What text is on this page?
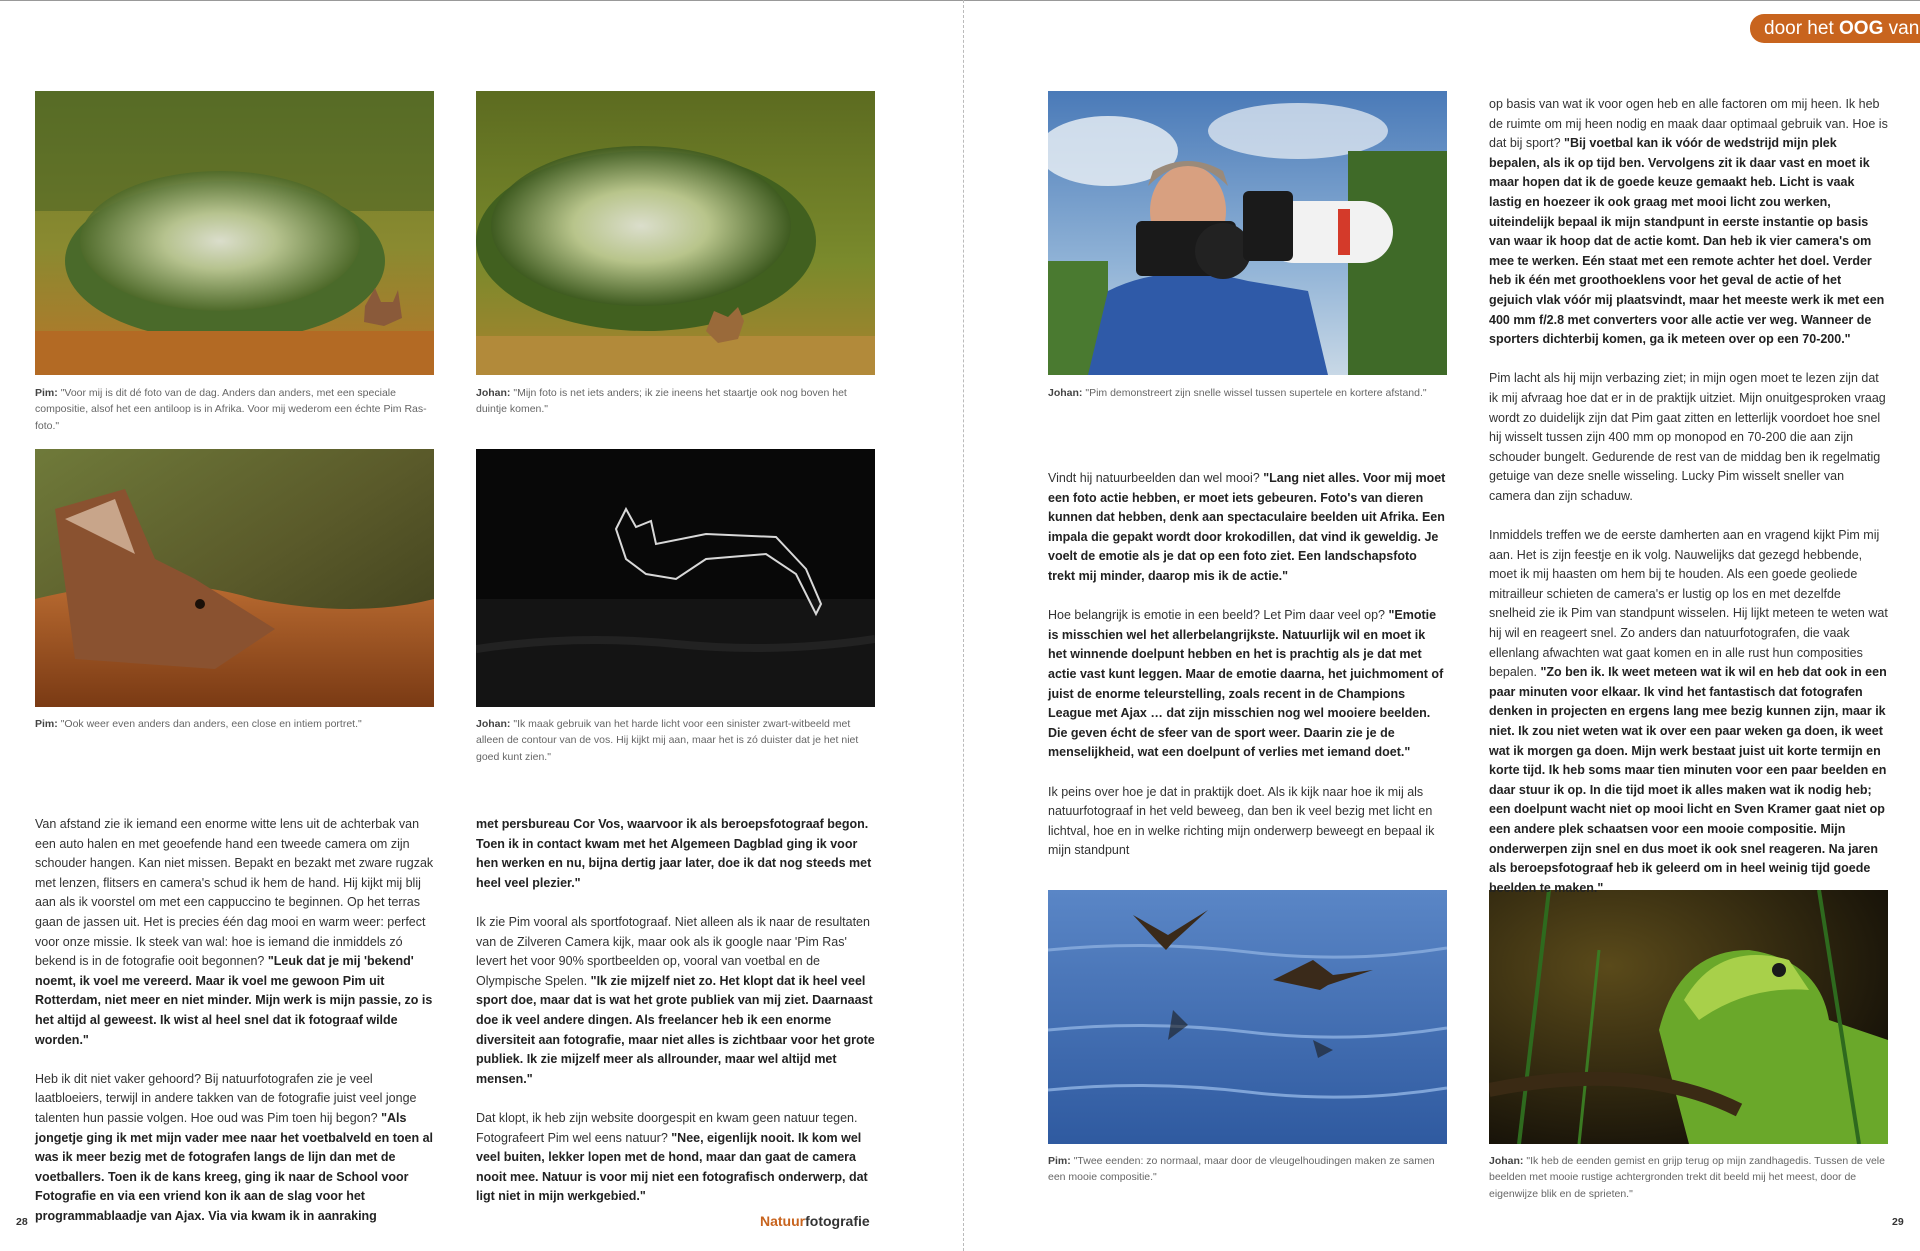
door het OOG van
Pim: "Voor mij is dit dé foto van de dag. Anders dan anders, met een speciale compositie, alsof het een antiloop is in Afrika. Voor mij wederom een échte Pim Ras-foto."
Johan: "Mijn foto is net iets anders; ik zie ineens het staartje ook nog boven het duintje komen."
Pim: "Ook weer even anders dan anders, een close en intiem portret."	Johan: "Ik maak gebruik van het harde licht voor een sinister zwart-witbeeld met alleen de contour van de vos. Hij kijkt mij aan, maar het is zó duister dat je het niet goed kunt zien."
Johan: "Pim demonstreert zijn snelle wissel tussen supertele en kortere afstand."
Pim: "Twee eenden: zo normaal, maar door de vleugelhoudingen maken ze samen een mooie compositie."
Johan: "Ik heb de eenden gemist en grijp terug op mijn zandhagedis. Tussen de vele beelden met mooie rustige achtergronden trekt dit beeld mij het meest, door de eigenwijze blik en de sprieten."

Van afstand zie ik iemand een enorme witte lens uit de achterbak van een auto halen en met geoefende hand een tweede camera om zijn schouder hangen. Kan niet missen. Bepakt en bezakt met zware rugzak met lenzen, flitsers en camera's schud ik hem de hand. Hij kijkt mij blij aan als ik voorstel om met een cappuccino te beginnen. Op het terras gaan de jassen uit. Het is precies één dag mooi en warm weer: perfect voor onze missie. Ik steek van wal: hoe is iemand die inmiddels zó bekend is in de fotografie ooit begonnen? "Leuk dat je mij 'bekend' noemt, ik voel me vereerd. Maar ik voel me gewoon Pim uit Rotterdam, niet meer en niet minder. Mijn werk is mijn passie, zo is het altijd al geweest. Ik wist al heel snel dat ik fotograaf wilde worden."

Heb ik dit niet vaker gehoord? Bij natuurfotografen zie je veel laatbloeiers, terwijl in andere takken van de fotografie juist veel jonge talenten hun passie volgen. Hoe oud was Pim toen hij begon? "Als jongetje ging ik met mijn vader mee naar het voetbalveld en toen al was ik meer bezig met de fotografen langs de lijn dan met de voetballers. Toen ik de kans kreeg, ging ik naar de School voor Fotografie en via een vriend kon ik aan de slag voor het programmablaadje van Ajax. Via via kwam ik in aanraking

met persbureau Cor Vos, waarvoor ik als beroepsfotograaf begon. Toen ik in contact kwam met het Algemeen Dagblad ging ik voor hen werken en nu, bijna dertig jaar later, doe ik dat nog steeds met heel veel plezier."

Ik zie Pim vooral als sportfotograaf. Niet alleen als ik naar de resultaten van de Zilveren Camera kijk, maar ook als ik google naar 'Pim Ras' levert het voor 90% sportbeelden op, vooral van voetbal en de Olympische Spelen. "Ik zie mijzelf niet zo. Het klopt dat ik heel veel sport doe, maar dat is wat het grote publiek van mij ziet. Daarnaast doe ik veel andere dingen. Als freelancer heb ik een enorme diversiteit aan fotografie, maar niet alles is zichtbaar voor het grote publiek. Ik zie mijzelf meer als allrounder, maar wel altijd met mensen."

Dat klopt, ik heb zijn website doorgespit en kwam geen natuur tegen. Fotografeert Pim wel eens natuur? "Nee, eigenlijk nooit. Ik kom wel veel buiten, lekker lopen met de hond, maar dan gaat de camera nooit mee. Natuur is voor mij niet een fotografisch onderwerp, dat ligt niet in mijn werkgebied."

Vindt hij natuurbeelden dan wel mooi? "Lang niet alles. Voor mij moet een foto actie hebben, er moet iets gebeuren. Foto's van dieren kunnen dat hebben, denk aan spectaculaire beelden uit Afrika. Een impala die gepakt wordt door krokodillen, dat vind ik geweldig. Je voelt de emotie als je dat op een foto ziet. Een landschapsfoto trekt mij minder, daarop mis ik de actie."

Hoe belangrijk is emotie in een beeld? Let Pim daar veel op? "Emotie is misschien wel het allerbelangrijkste. Natuurlijk wil en moet ik het winnende doelpunt hebben en het is prachtig als je dat met actie vast kunt leggen. Maar de emotie daarna, het juichmoment of juist de enorme teleurstelling, zoals recent in de Champions League met Ajax … dat zijn misschien nog wel mooiere beelden. Die geven écht de sfeer van de sport weer. Daarin zie je de menselijkheid, wat een doelpunt of verlies met iemand doet."

Ik peins over hoe je dat in praktijk doet. Als ik kijk naar hoe ik mij als natuurfotograaf in het veld beweeg, dan ben ik veel bezig met licht en lichtval, hoe en in welke richting mijn onderwerp beweegt en bepaal ik mijn standpunt

op basis van wat ik voor ogen heb en alle factoren om mij heen. Ik heb de ruimte om mij heen nodig en maak daar optimaal gebruik van. Hoe is dat bij sport? "Bij voetbal kan ik vóór de wedstrijd mijn plek bepalen, als ik op tijd ben. Vervolgens zit ik daar vast en moet ik maar hopen dat ik de goede keuze gemaakt heb. Licht is vaak lastig en hoezeer ik ook graag met mooi licht zou werken, uiteindelijk bepaal ik mijn standpunt in eerste instantie op basis van waar ik hoop dat de actie komt. Dan heb ik vier camera's om mee te werken. Eén staat met een remote achter het doel. Verder heb ik één met groothoeklens voor het geval de actie of het gejuich vlak vóór mij plaatsvindt, maar het meeste werk ik met een 400 mm f/2.8 met converters voor alle actie ver weg. Wanneer de sporters dichterbij komen, ga ik meteen over op een 70-200."

Pim lacht als hij mijn verbazing ziet; in mijn ogen moet te lezen zijn dat ik mij afvraag hoe dat er in de praktijk uitziet. Mijn onuitgesproken vraag wordt zo duidelijk zijn dat Pim gaat zitten en letterlijk voordoet hoe snel hij wisselt tussen zijn 400 mm op monopod en 70-200 die aan zijn schouder bungelt. Gedurende de rest van de middag ben ik regelmatig getuige van deze snelle wisseling. Lucky Pim wisselt sneller van camera dan zijn schaduw.

Inmiddels treffen we de eerste damherten aan en vragend kijkt Pim mij aan. Het is zijn feestje en ik volg. Nauwelijks dat gezegd hebbende, moet ik mij haasten om hem bij te houden. Als een goede geoliede mitrailleur schieten de camera's er lustig op los en met dezelfde snelheid zie ik Pim van standpunt wisselen. Hij lijkt meteen te weten wat hij wil en reageert snel. Zo anders dan natuurfotografen, die vaak ellenlang afwachten wat gaat komen en in alle rust hun composities bepalen. "Zo ben ik. Ik weet meteen wat ik wil en heb dat ook in een paar minuten voor elkaar. Ik vind het fantastisch dat fotografen denken in projecten en ergens lang mee bezig kunnen zijn, maar ik niet. Ik zou niet weten wat ik over een paar weken ga doen, ik weet wat ik morgen ga doen. Mijn werk bestaat juist uit korte termijn en korte tijd. Ik heb soms maar tien minuten voor een paar beelden en daar stuur ik op. In die tijd moet ik alles maken wat ik nodig heb; een doelpunt wacht niet op mooi licht en Sven Kramer gaat niet op een andere plek schaatsen voor een mooie compositie. Mijn onderwerpen zijn snel en dus moet ik ook snel reageren. Na jaren als beroepsfotograaf heb ik geleerd om in heel weinig tijd goede beelden te maken."

28	Natuurfotografie	29
